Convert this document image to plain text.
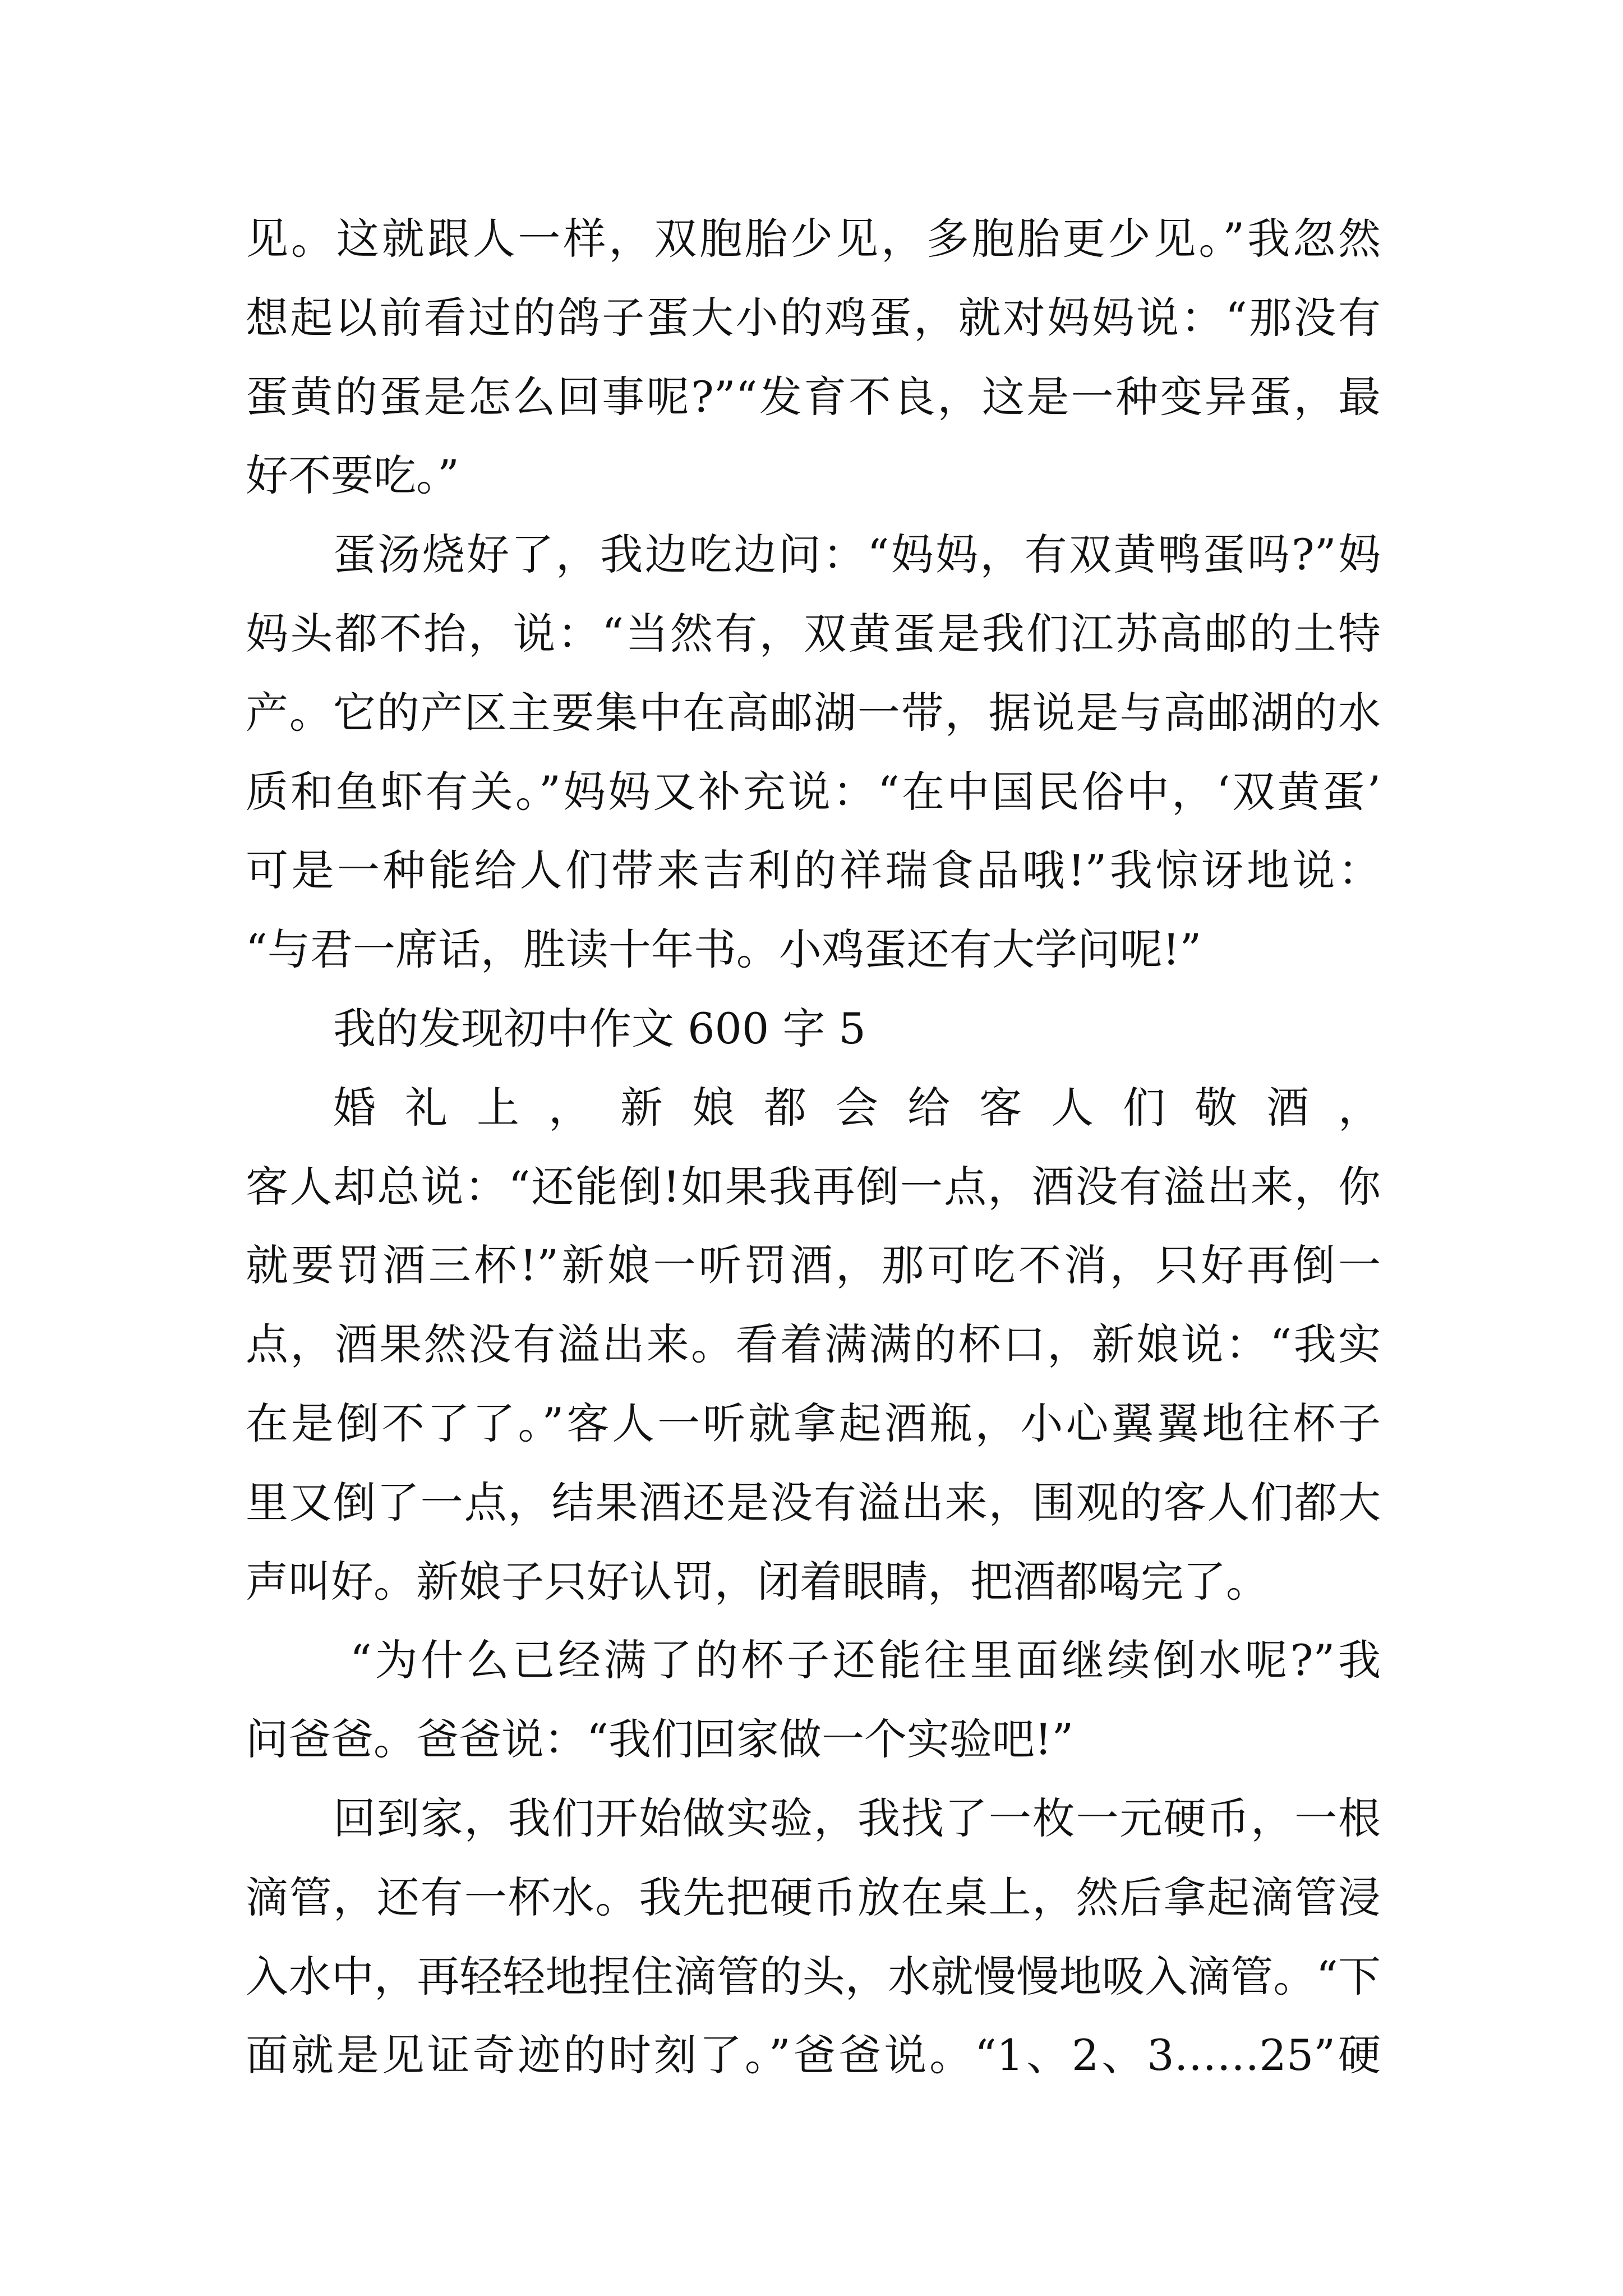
见。这就跟人一样，双胞胎少见，多胞胎更少见。”我忽然
想起以前看过的鸽子蛋大小的鸡蛋，就对妈妈说：“那没有
蛋黄的蛋是怎么回事呢?”“发育不良，这是一种变异蛋，最
好不要吃。”
蛋汤烧好了，我边吃边问：“妈妈，有双黄鸭蛋吗?”妈
妈头都不抬，说：“当然有，双黄蛋是我们江苏高邮的土特
产。它的产区主要集中在高邮湖一带，据说是与高邮湖的水
质和鱼虾有关。”妈妈又补充说：“在中国民俗中，‘双黄蛋’
可是一种能给人们带来吉利的祥瑞食品哦!”我惊讶地说：
“与君一席话，胜读十年书。小鸡蛋还有大学问呢!”
我的发现初中作文 600 字 5
婚礼上，新娘都会给客人们敬酒，
客人却总说：“还能倒!如果我再倒一点，酒没有溢出来，你
就要罚酒三杯!”新娘一听罚酒，那可吃不消，只好再倒一
点，酒果然没有溢出来。看着满满的杯口，新娘说：“我实
在是倒不了了。”客人一听就拿起酒瓶，小心翼翼地往杯子
里又倒了一点，结果酒还是没有溢出来，围观的客人们都大
声叫好。新娘子只好认罚，闭着眼睛，把酒都喝完了。
“为什么已经满了的杯子还能往里面继续倒水呢?”我
问爸爸。爸爸说：“我们回家做一个实验吧!”
回到家，我们开始做实验，我找了一枚一元硬币，一根
滴管，还有一杯水。我先把硬币放在桌上，然后拿起滴管浸
入水中，再轻轻地捏住滴管的头，水就慢慢地吸入滴管。“下
面就是见证奇迹的时刻了。”爸爸说。“1、2、3……25”硬
